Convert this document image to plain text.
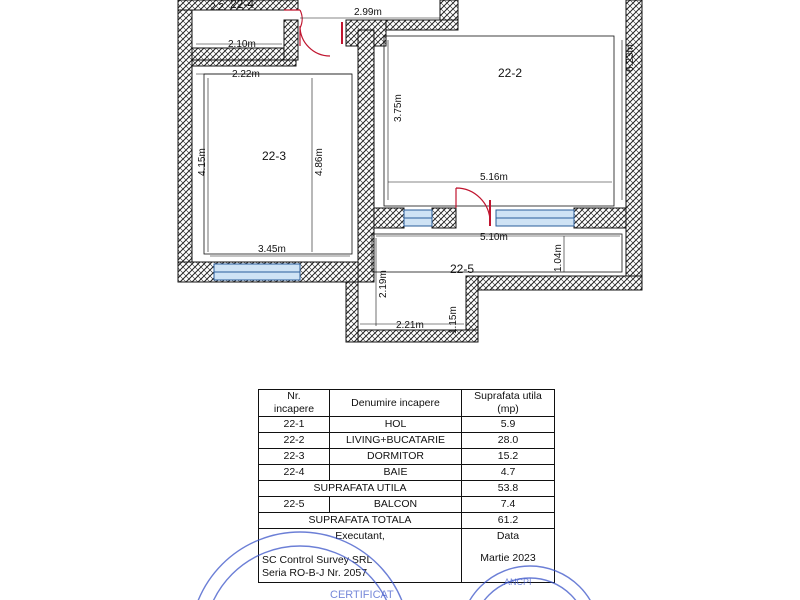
2.99m
2.10m
2.22m
2.2
6.23m
3.75m
4.86m
4.15m
5.16m
5.10m
3.45m	1.04m
2.19m
1.15m
2.21m
22-2
22-3
22-4
22-5
Nr.
incapere	Denumire incapere	Suprafata utila
(mp)
22-1	HOL	5.9
22-2	LIVING+BUCATARIE	28.0
22-3	DORMITOR	15.2
22-4	BAIE	4.7
SUPRAFATA UTILA		53.8
22-5	BALCON	7.4
SUPRAFATA TOTALA		61.2
Executant,		Data

SC Control Survey SRL
Seria RO-B-J Nr. 2057		Martie 2023
CERTIFICAT
ANCPI
